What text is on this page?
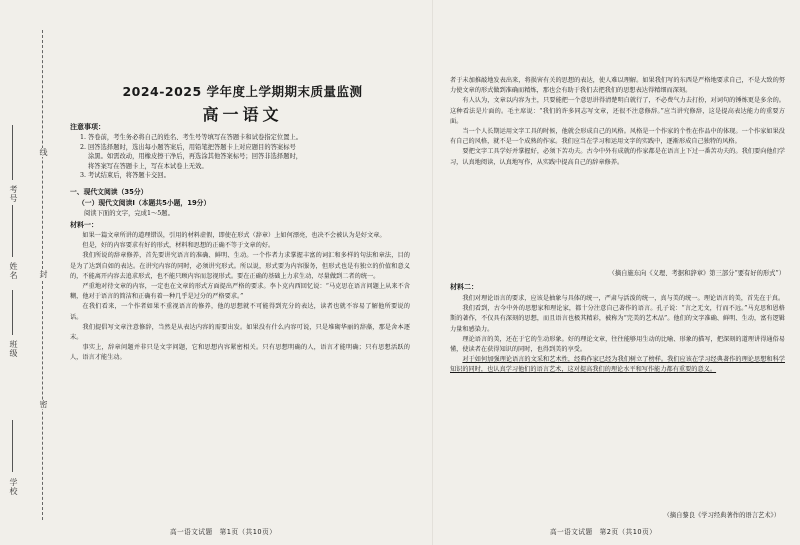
学校
班级
姓名
考号
线
封
密
2024-2025 学年度上学期期末质量监测
高一语文
注意事项：

1. 答卷前，考生务必将自己的姓名、考生号等填写在答题卡和试卷指定位置上。

2. 回答选择题时，选出每小题答案后，用铅笔把答题卡上对应题目的答案标号

涂黑。如需改动，用橡皮擦干净后，再选涂其他答案标号；回答非选择题时，

将答案写在答题卡上，写在本试卷上无效。

3. 考试结束后，将答题卡交回。

一、现代文阅读（35分）
（一）现代文阅读Ⅰ（本题共5小题，19分）
阅读下面的文字，完成1～5题。
材料一：

如果一篇文章所讲的道理错误，引用的材料虚假，即使在形式（辞章）上如何漂亮，也决不会被认为是好文章。

但是，好的内容要求有好的形式，材料和思想的正确不等于文章的好。

我们所说的辞章修养，首先要讲究语言的准确、鲜明、生动。一个作者力求掌握丰富的词汇和多样的句法和章法，目的是为了达到自如的表达。在讲究内容的同时，必须讲究形式。所以说，形式要为内容服务，但形式也是有独立的价值和意义的，不能离开内容去追求形式，也不能只顾内容而忽视形式。要在正确的基础上力求生动，尽量做到二者的统一。

严重地对待文章的内容，一定也在文章的形式方面提出严格的要求。李卜克内西回忆说：“马克思在语言问题上从来不含糊，他对于语言的简洁和正确有着一种几乎是过分的严格要求。”

在我们看来，一个作者如果不重视语言的修养，他的思想就不可能得到充分的表达，读者也就不容易了解他所要说的话。

我们提倡写文章注意修辞，当然是从表达内容的需要出发。如果没有什么内容可说，只是堆砌华丽的辞藻，那是舍本逐末。

事实上，辞章问题并非只是文字问题，它和思想内容紧密相关。只有思想明确的人，语言才能明确；只有思想活跃的人，语言才能生动。

高一语文试题　第1页（共10页）

者于未加推敲地发表出来，将损害有关的思想的表达，使人难以理解。如果我们写的东西是严格地要求自己，不是大致的努力使文章的形式做到准确而精炼，那也会有助于我们去把我们的思想表达得精细而深刻。

有人认为，文章以内容为主，只要能把一个意思讲得清楚明白就行了，不必费气力去打扮，对词句的锤炼更是多余的。这种看法是片面的。毛主席说：“我们的许多同志写文章，还很不注意修辞。”应当讲究修辞，这是提高表达能力的重要方面。

当一个人长期运用文字工具的时候，他就会形成自己的风格。风格是一个作家的个性在作品中的体现。一个作家如果没有自己的风格，就不是一个成熟的作家。我们应当在学习和运用文字的实践中，逐渐形成自己独特的风格。

要把文字工具学好并掌握好，必须下苦功夫。古今中外有成就的作家都是在语言上下过一番苦功夫的。我们要向他们学习，认真地阅读，认真地写作，从实践中提高自己的辞章修养。

（摘自施东向《义理、考据和辞章》第三部分“要有好的形式”）
材料二：

我们对理论语言的要求，应该是抽象与具体的统一，严肃与活泼的统一，真与美的统一。理论语言的美，首先在于真。

我们看到，古今中外的思想家和理论家，都十分注意自己著作的语言。孔子说：“言之无文，行而不远。”马克思和恩格斯的著作，不仅具有深刻的思想，而且语言也极其精彩，被称为“完美的艺术品”。他们的文字准确、鲜明、生动，富有逻辑力量和感染力。

理论语言的美，还在于它的生动形象。好的理论文章，往往能够用生动的比喻、形象的描写，把深刻的道理讲得通俗易懂，使读者在获得知识的同时，也得到美的享受。

对于如何加强理论语言的文采和艺术性，经典作家已经为我们树立了榜样。我们应该在学习经典著作的理论思想和科学知识的同时，也认真学习他们的语言艺术，这对提高我们的理论水平和写作能力都有重要的意义。

（摘自黎良《学习经典著作的语言艺术》）
高一语文试题　第2页（共10页）
